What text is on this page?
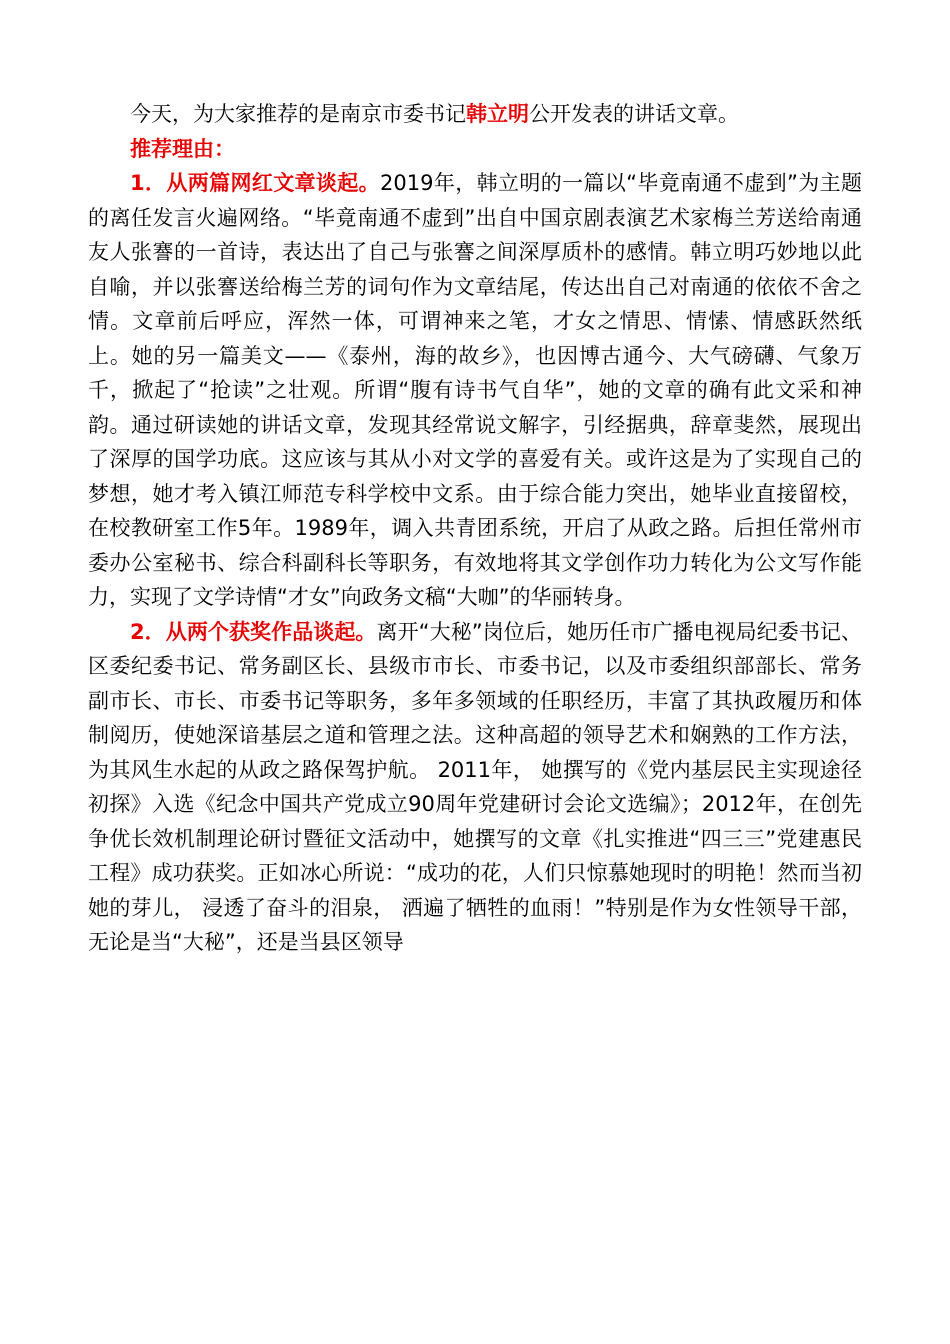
今天，为大家推荐的是南京市委书记韩立明公开发表的讲话文章。

推荐理由：

1．从两篇网红文章谈起。2019年，韩立明的一篇以“毕竟南通不虚到”为主题的离任发言火遍网络。“毕竟南通不虚到”出自中国京剧表演艺术家梅兰芳送给南通友人张謇的一首诗，表达出了自己与张謇之间深厚质朴的感情。韩立明巧妙地以此自喻，并以张謇送给梅兰芳的词句作为文章结尾，传达出自己对南通的依依不舍之情。文章前后呼应，浑然一体，可谓神来之笔，才女之情思、情愫、情感跃然纸上。她的另一篇美文——《泰州，海的故乡》，也因博古通今、大气磅礴、气象万千，掀起了“抢读”之壮观。所谓“腹有诗书气自华”，她的文章的确有此文采和神韵。通过研读她的讲话文章，发现其经常说文解字，引经据典，辞章斐然，展现出了深厚的国学功底。这应该与其从小对文学的喜爱有关。或许这是为了实现自己的梦想，她才考入镇江师范专科学校中文系。由于综合能力突出，她毕业直接留校，在校教研室工作5年。1989年，调入共青团系统，开启了从政之路。后担任常州市委办公室秘书、综合科副科长等职务，有效地将其文学创作功力转化为公文写作能力，实现了文学诗情“才女”向政务文稿“大咖”的华丽转身。

2．从两个获奖作品谈起。离开“大秘”岗位后，她历任市广播电视局纪委书记、区委纪委书记、常务副区长、县级市市长、市委书记，以及市委组织部部长、常务副市长、市长、市委书记等职务，多年多领域的任职经历，丰富了其执政履历和体制阅历，使她深谙基层之道和管理之法。这种高超的领导艺术和娴熟的工作方法， 为其风生水起的从政之路保驾护航。 2011年， 她撰写的《党内基层民主实现途径初探》入选《纪念中国共产党成立90周年党建研讨会论文选编》；2012年，在创先争优长效机制理论研讨暨征文活动中，她撰写的文章《扎实推进“四三三”党建惠民工程》成功获奖。正如冰心所说：“成功的花，人们只惊慕她现时的明艳！然而当初她的芽儿， 浸透了奋斗的泪泉， 洒遍了牺牲的血雨！”特别是作为女性领导干部，无论是当“大秘”，还是当县区领导
